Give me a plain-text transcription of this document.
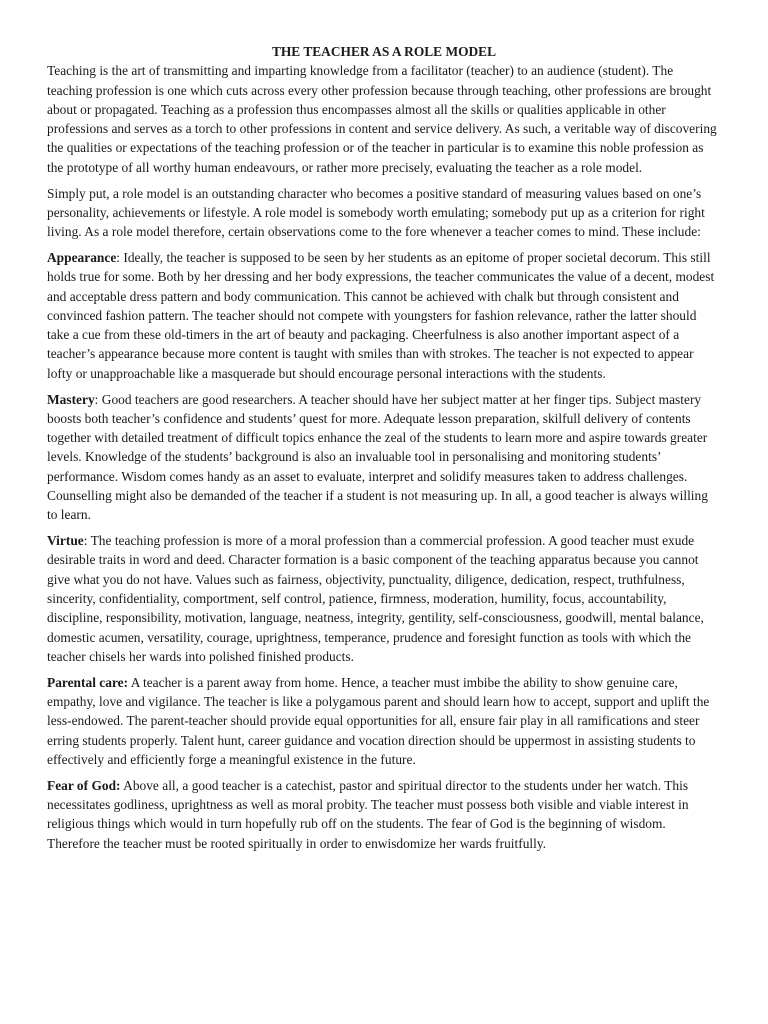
THE TEACHER AS A ROLE MODEL

Teaching is the art of transmitting and imparting knowledge from a facilitator (teacher) to an audience (student). The teaching profession is one which cuts across every other profession because through teaching, other professions are brought about or propagated. Teaching as a profession thus encompasses almost all the skills or qualities applicable in other professions and serves as a torch to other professions in content and service delivery. As such, a veritable way of discovering the qualities or expectations of the teaching profession or of the teacher in particular is to examine this noble profession as the prototype of all worthy human endeavours, or rather more precisely, evaluating the teacher as a role model.

Simply put, a role model is an outstanding character who becomes a positive standard of measuring values based on one’s personality, achievements or lifestyle. A role model is somebody worth emulating; somebody put up as a criterion for right living. As a role model therefore, certain observations come to the fore whenever a teacher comes to mind. These include:

Appearance: Ideally, the teacher is supposed to be seen by her students as an epitome of proper societal decorum. This still holds true for some. Both by her dressing and her body expressions, the teacher communicates the value of a decent, modest and acceptable dress pattern and body communication. This cannot be achieved with chalk but through consistent and convinced fashion pattern. The teacher should not compete with youngsters for fashion relevance, rather the latter should take a cue from these old-timers in the art of beauty and packaging. Cheerfulness is also another important aspect of a teacher’s appearance because more content is taught with smiles than with strokes. The teacher is not expected to appear lofty or unapproachable like a masquerade but should encourage personal interactions with the students.

Mastery: Good teachers are good researchers. A teacher should have her subject matter at her finger tips. Subject mastery boosts both teacher’s confidence and students’ quest for more. Adequate lesson preparation, skilfull delivery of contents together with detailed treatment of difficult topics enhance the zeal of the students to learn more and aspire towards greater levels. Knowledge of the students’ background is also an invaluable tool in personalising and monitoring students’ performance. Wisdom comes handy as an asset to evaluate, interpret and solidify measures taken to address challenges. Counselling might also be demanded of the teacher if a student is not measuring up. In all, a good teacher is always willing to learn.

Virtue: The teaching profession is more of a moral profession than a commercial profession. A good teacher must exude desirable traits in word and deed. Character formation is a basic component of the teaching apparatus because you cannot give what you do not have. Values such as fairness, objectivity, punctuality, diligence, dedication, respect, truthfulness, sincerity, confidentiality, comportment, self control, patience, firmness, moderation, humility, focus, accountability, discipline, responsibility, motivation, language, neatness, integrity, gentility, self-consciousness, goodwill, mental balance, domestic acumen, versatility, courage, uprightness, temperance, prudence and foresight function as tools with which the teacher chisels her wards into polished finished products.

Parental care: A teacher is a parent away from home. Hence, a teacher must imbibe the ability to show genuine care, empathy, love and vigilance. The teacher is like a polygamous parent and should learn how to accept, support and uplift the less-endowed. The parent-teacher should provide equal opportunities for all, ensure fair play in all ramifications and steer erring students properly. Talent hunt, career guidance and vocation direction should be uppermost in assisting students to effectively and efficiently forge a meaningful existence in the future.

Fear of God: Above all, a good teacher is a catechist, pastor and spiritual director to the students under her watch. This necessitates godliness, uprightness as well as moral probity. The teacher must possess both visible and viable interest in religious things which would in turn hopefully rub off on the students. The fear of God is the beginning of wisdom. Therefore the teacher must be rooted spiritually in order to enwisdomize her wards fruitfully.
